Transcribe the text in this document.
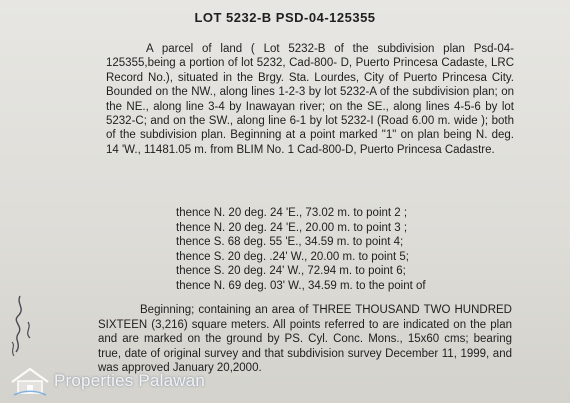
LOT 5232-B PSD-04-125355
A parcel of land ( Lot 5232-B of the subdivision plan Psd-04-125355,being a portion of lot 5232, Cad-800- D, Puerto Princesa Cadaste, LRC Record No.), situated in the Brgy. Sta. Lourdes, City of Puerto Princesa City. Bounded on the NW., along lines 1-2-3 by lot 5232-A of the subdivision plan; on the NE., along line 3-4 by Inawayan river; on the SE., along lines 4-5-6 by lot 5232-C; and on the SW., along line 6-1 by lot 5232-I (Road 6.00 m. wide ); both of the subdivision plan. Beginning at a point marked "1" on plan being N. deg. 14 'W., 11481.05 m. from BLIM No. 1 Cad-800-D, Puerto Princesa Cadastre.
thence N. 20 deg. 24 'E., 73.02 m. to point 2 ;
thence N. 20 deg. 24 'E., 20.00 m. to point 3 ;
thence S. 68 deg. 55 'E., 34.59 m. to point 4;
thence S. 20 deg. .24' W., 20.00 m. to point 5;
thence S. 20 deg. 24' W., 72.94 m. to point 6;
thence N. 69 deg. 03' W., 34.59 m. to the point of
Beginning; containing an area of THREE THOUSAND TWO HUNDRED SIXTEEN (3,216) square meters. All points referred to are indicated on the plan and are marked on the ground by PS. Cyl. Conc. Mons., 15x60 cms; bearing true, date of original survey and that subdivision survey December 11, 1999, and was approved January 20,2000.
Properties Palawan
